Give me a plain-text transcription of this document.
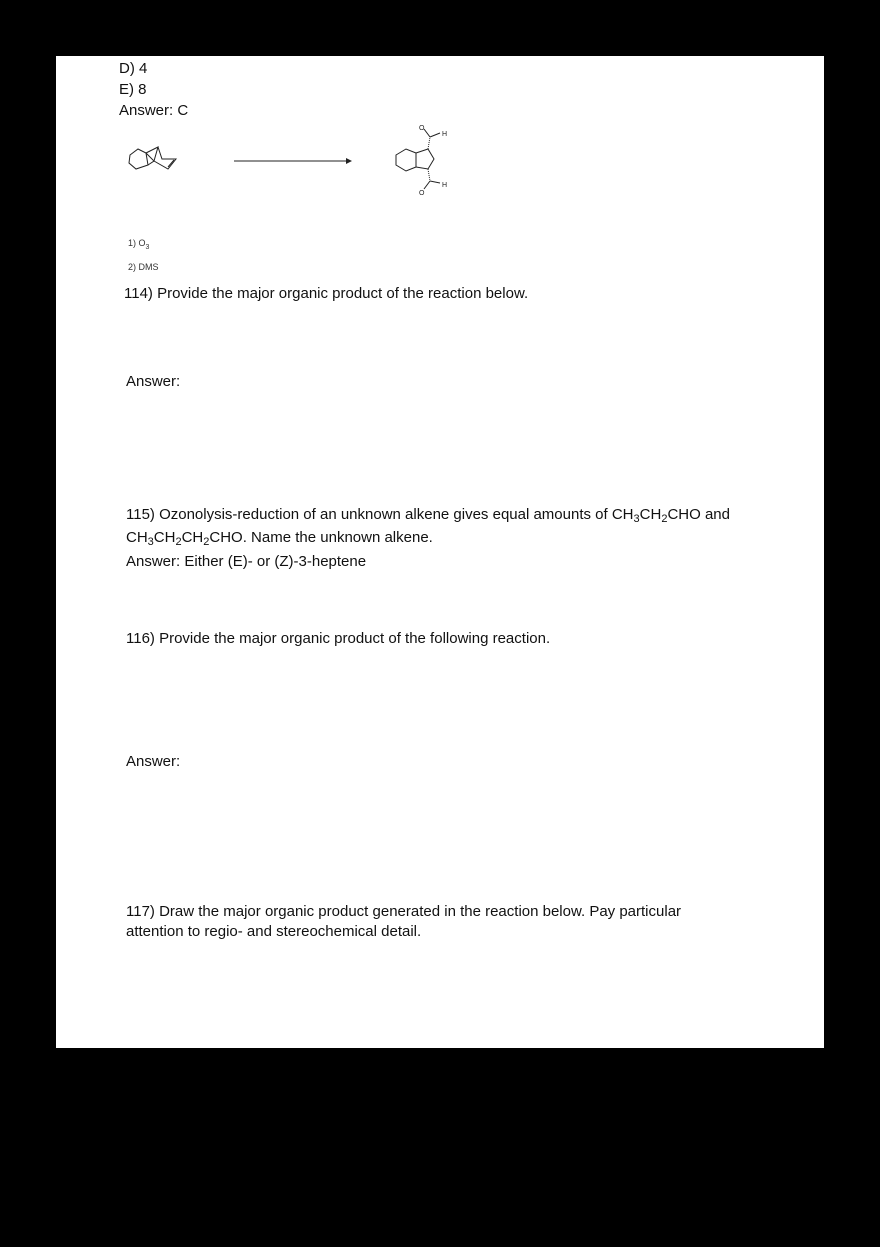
D) 4
E) 8
Answer: C
O
H
O
H
1) $O_3$
2) DMS
114) Provide the major organic product of the reaction below.
Answer:
115) Ozonolysis-reduction of an unknown alkene gives equal amounts of $CH_3CH_2CHO$ and
$CH_3CH_2CH_2CHO$. Name the unknown alkene.
Answer: Either (E)- or (Z)-3-heptene
116) Provide the major organic product of the following reaction.
Answer:
117) Draw the major organic product generated in the reaction below. Pay particular
attention to regio- and stereochemical detail.
